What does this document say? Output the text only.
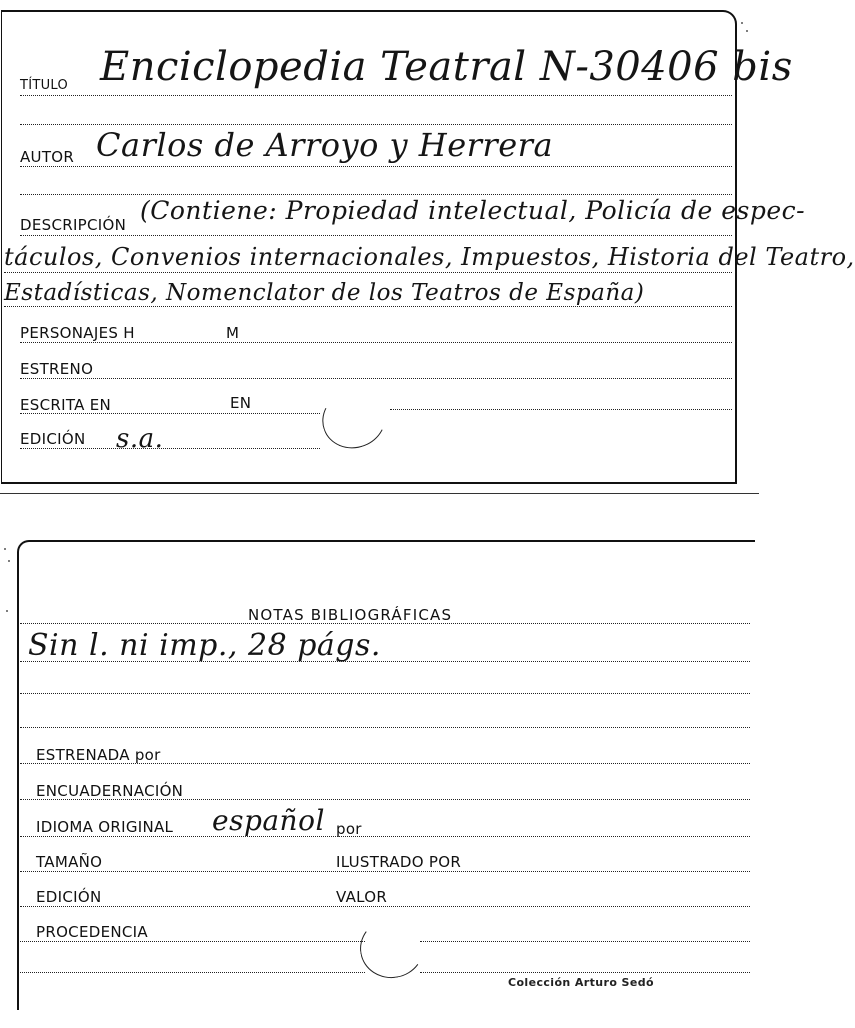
TÍTULO Enciclopedia Teatral N-30406 bis
AUTOR Carlos de Arroyo y Herrera
DESCRIPCIÓN (Contiene: Propiedad intelectual, Policía de espec-
táculos, Convenios internacionales, Impuestos, Historia del Teatro,
Estadísticas, Nomenclator de los Teatros de España)
PERSONAJES H	M
ESTRENO
ESCRITA EN	EN
EDICIÓN s.a.
NOTAS BIBLIOGRÁFICAS
Sin l. ni imp., 28 págs.
ESTRENADA por
ENCUADERNACIÓN
IDIOMA ORIGINAL español por
TAMAÑO	ILUSTRADO POR
EDICIÓN	VALOR
PROCEDENCIA
Colección Arturo Sedó
